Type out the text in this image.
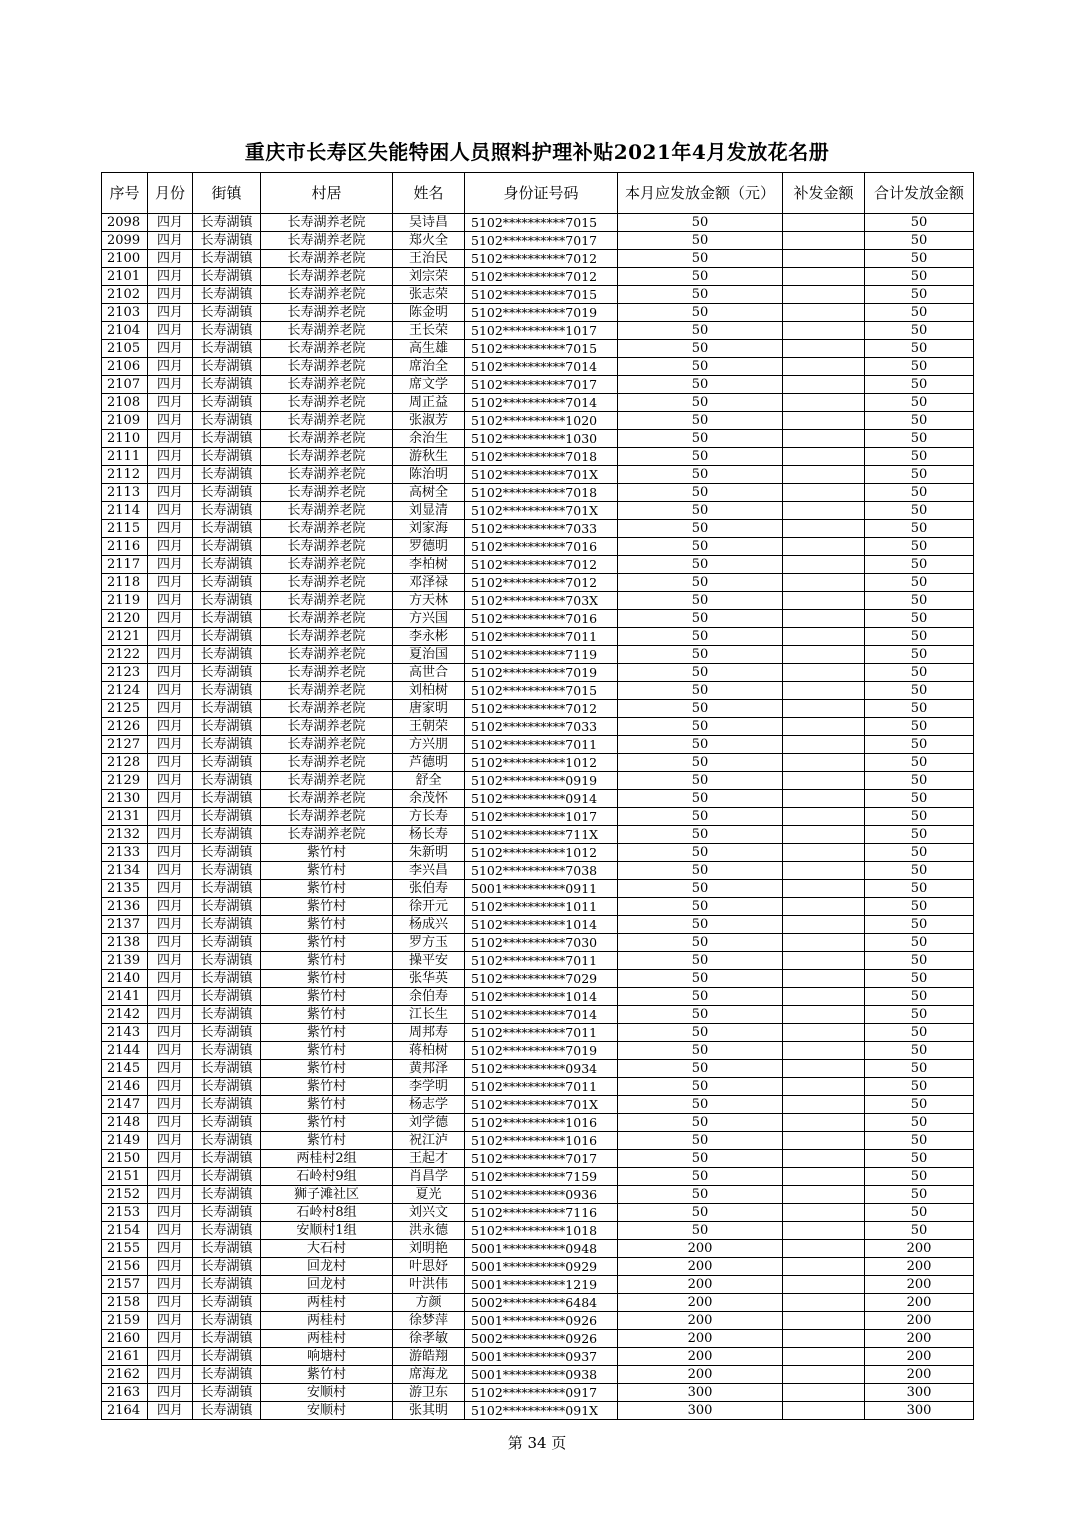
重庆市长寿区失能特困人员照料护理补贴2021年4月发放花名册
序号	月份	街镇	村居	姓名	身份证号码	本月应发放金额（元）	补发金额	合计发放金额
2098	四月	长寿湖镇	长寿湖养老院	吴诗昌	5102**********7015	50		50
2099	四月	长寿湖镇	长寿湖养老院	郑火全	5102**********7017	50		50
2100	四月	长寿湖镇	长寿湖养老院	王治民	5102**********7012	50		50
2101	四月	长寿湖镇	长寿湖养老院	刘宗荣	5102**********7012	50		50
2102	四月	长寿湖镇	长寿湖养老院	张志荣	5102**********7015	50		50
2103	四月	长寿湖镇	长寿湖养老院	陈金明	5102**********7019	50		50
2104	四月	长寿湖镇	长寿湖养老院	王长荣	5102**********1017	50		50
2105	四月	长寿湖镇	长寿湖养老院	高生雄	5102**********7015	50		50
2106	四月	长寿湖镇	长寿湖养老院	席治全	5102**********7014	50		50
2107	四月	长寿湖镇	长寿湖养老院	席文学	5102**********7017	50		50
2108	四月	长寿湖镇	长寿湖养老院	周正益	5102**********7014	50		50
2109	四月	长寿湖镇	长寿湖养老院	张淑芳	5102**********1020	50		50
2110	四月	长寿湖镇	长寿湖养老院	余治生	5102**********1030	50		50
2111	四月	长寿湖镇	长寿湖养老院	游秋生	5102**********7018	50		50
2112	四月	长寿湖镇	长寿湖养老院	陈治明	5102**********701X	50		50
2113	四月	长寿湖镇	长寿湖养老院	高树全	5102**********7018	50		50
2114	四月	长寿湖镇	长寿湖养老院	刘显清	5102**********701X	50		50
2115	四月	长寿湖镇	长寿湖养老院	刘家海	5102**********7033	50		50
2116	四月	长寿湖镇	长寿湖养老院	罗德明	5102**********7016	50		50
2117	四月	长寿湖镇	长寿湖养老院	李柏树	5102**********7012	50		50
2118	四月	长寿湖镇	长寿湖养老院	邓泽禄	5102**********7012	50		50
2119	四月	长寿湖镇	长寿湖养老院	方天林	5102**********703X	50		50
2120	四月	长寿湖镇	长寿湖养老院	方兴国	5102**********7016	50		50
2121	四月	长寿湖镇	长寿湖养老院	李永彬	5102**********7011	50		50
2122	四月	长寿湖镇	长寿湖养老院	夏治国	5102**********7119	50		50
2123	四月	长寿湖镇	长寿湖养老院	高世合	5102**********7019	50		50
2124	四月	长寿湖镇	长寿湖养老院	刘柏树	5102**********7015	50		50
2125	四月	长寿湖镇	长寿湖养老院	唐家明	5102**********7012	50		50
2126	四月	长寿湖镇	长寿湖养老院	王朝荣	5102**********7033	50		50
2127	四月	长寿湖镇	长寿湖养老院	方兴朋	5102**********7011	50		50
2128	四月	长寿湖镇	长寿湖养老院	芦德明	5102**********1012	50		50
2129	四月	长寿湖镇	长寿湖养老院	舒全	5102**********0919	50		50
2130	四月	长寿湖镇	长寿湖养老院	余茂怀	5102**********0914	50		50
2131	四月	长寿湖镇	长寿湖养老院	方长寿	5102**********1017	50		50
2132	四月	长寿湖镇	长寿湖养老院	杨长寿	5102**********711X	50		50
2133	四月	长寿湖镇	紫竹村	朱新明	5102**********1012	50		50
2134	四月	长寿湖镇	紫竹村	李兴昌	5102**********7038	50		50
2135	四月	长寿湖镇	紫竹村	张伯寿	5001**********0911	50		50
2136	四月	长寿湖镇	紫竹村	徐开元	5102**********1011	50		50
2137	四月	长寿湖镇	紫竹村	杨成兴	5102**********1014	50		50
2138	四月	长寿湖镇	紫竹村	罗方玉	5102**********7030	50		50
2139	四月	长寿湖镇	紫竹村	操平安	5102**********7011	50		50
2140	四月	长寿湖镇	紫竹村	张华英	5102**********7029	50		50
2141	四月	长寿湖镇	紫竹村	余伯寿	5102**********1014	50		50
2142	四月	长寿湖镇	紫竹村	江长生	5102**********7014	50		50
2143	四月	长寿湖镇	紫竹村	周邦寿	5102**********7011	50		50
2144	四月	长寿湖镇	紫竹村	蒋柏树	5102**********7019	50		50
2145	四月	长寿湖镇	紫竹村	黄邦泽	5102**********0934	50		50
2146	四月	长寿湖镇	紫竹村	李学明	5102**********7011	50		50
2147	四月	长寿湖镇	紫竹村	杨志学	5102**********701X	50		50
2148	四月	长寿湖镇	紫竹村	刘学德	5102**********1016	50		50
2149	四月	长寿湖镇	紫竹村	祝江泸	5102**********1016	50		50
2150	四月	长寿湖镇	两桂村2组	王起才	5102**********7017	50		50
2151	四月	长寿湖镇	石岭村9组	肖昌学	5102**********7159	50		50
2152	四月	长寿湖镇	狮子滩社区	夏光	5102**********0936	50		50
2153	四月	长寿湖镇	石岭村8组	刘兴文	5102**********7116	50		50
2154	四月	长寿湖镇	安顺村1组	洪永德	5102**********1018	50		50
2155	四月	长寿湖镇	大石村	刘明艳	5001**********0948	200		200
2156	四月	长寿湖镇	回龙村	叶思妤	5001**********0929	200		200
2157	四月	长寿湖镇	回龙村	叶洪伟	5001**********1219	200		200
2158	四月	长寿湖镇	两桂村	方颜	5002**********6484	200		200
2159	四月	长寿湖镇	两桂村	徐梦萍	5001**********0926	200		200
2160	四月	长寿湖镇	两桂村	徐孝敏	5002**********0926	200		200
2161	四月	长寿湖镇	响塘村	游皓翔	5001**********0937	200		200
2162	四月	长寿湖镇	紫竹村	席海龙	5001**********0938	200		200
2163	四月	长寿湖镇	安顺村	游卫东	5102**********0917	300		300
2164	四月	长寿湖镇	安顺村	张其明	5102**********091X	300		300
第 34 页
